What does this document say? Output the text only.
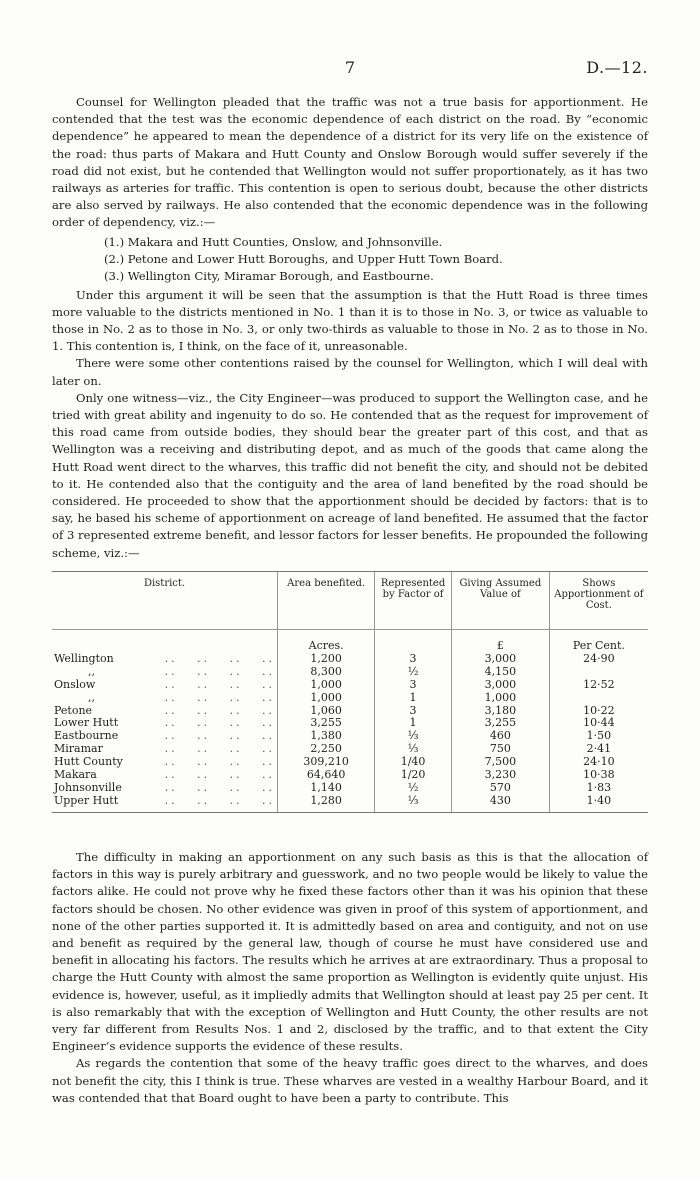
7	D.—12.

Counsel for Wellington pleaded that the traffic was not a true basis for apportionment. He contended that the test was the economic dependence of each district on the road. By “economic dependence” he appeared to mean the dependence of a district for its very life on the existence of the road: thus parts of Makara and Hutt County and Onslow Borough would suffer severely if the road did not exist, but he contended that Wellington would not suffer proportionately, as it has two railways as arteries for traffic. This contention is open to serious doubt, because the other districts are also served by railways. He also contended that the economic dependence was in the following order of dependency, viz.:—

(1.) Makara and Hutt Counties, Onslow, and Johnsonville.
(2.) Petone and Lower Hutt Boroughs, and Upper Hutt Town Board.
(3.) Wellington City, Miramar Borough, and Eastbourne.

Under this argument it will be seen that the assumption is that the Hutt Road is three times more valuable to the districts mentioned in No. 1 than it is to those in No. 3, or twice as valuable to those in No. 2 as to those in No. 3, or only two-thirds as valuable to those in No. 2 as to those in No. 1. This contention is, I think, on the face of it, unreasonable.

There were some other contentions raised by the counsel for Wellington, which I will deal with later on.

Only one witness—viz., the City Engineer—was produced to support the Wellington case, and he tried with great ability and ingenuity to do so. He contended that as the request for improvement of this road came from outside bodies, they should bear the greater part of this cost, and that as Wellington was a receiving and distributing depot, and as much of the goods that came along the Hutt Road went direct to the wharves, this traffic did not benefit the city, and should not be debited to it. He contended also that the contiguity and the area of land benefited by the road should be considered. He proceeded to show that the apportionment should be decided by factors: that is to say, he based his scheme of apportionment on acreage of land benefited. He assumed that the factor of 3 represented extreme benefit, and lessor factors for lesser benefits. He propounded the following scheme, viz.:—

District.	Area benefited.	Represented by Factor of	Giving Assumed Value of	Shows Apportionment of Cost.
	Acres.		£	Per Cent.
Wellington ..   ..   ..   ..	1,200	3	3,000	24·90
,, ..   ..   ..   ..	8,300	½	4,150	
Onslow ..   ..   ..   ..	1,000	3	3,000	12·52
,, ..   ..   ..   ..	1,000	1	1,000	
Petone ..   ..   ..   ..	1,060	3	3,180	10·22
Lower Hutt ..   ..   ..   ..	3,255	1	3,255	10·44
Eastbourne ..   ..   ..   ..	1,380	⅓	460	1·50
Miramar ..   ..   ..   ..	2,250	⅓	750	2·41
Hutt County ..   ..   ..   ..	309,210	1/40	7,500	24·10
Makara ..   ..   ..   ..	64,640	1/20	3,230	10·38
Johnsonville ..   ..   ..   ..	1,140	½	570	1·83
Upper Hutt ..   ..   ..   ..	1,280	⅓	430	1·40

The difficulty in making an apportionment on any such basis as this is that the allocation of factors in this way is purely arbitrary and guesswork, and no two people would be likely to value the factors alike. He could not prove why he fixed these factors other than it was his opinion that these factors should be chosen. No other evidence was given in proof of this system of apportionment, and none of the other parties supported it. It is admittedly based on area and contiguity, and not on use and benefit as required by the general law, though of course he must have considered use and benefit in allocating his factors. The results which he arrives at are extraordinary. Thus a proposal to charge the Hutt County with almost the same proportion as Wellington is evidently quite unjust. His evidence is, however, useful, as it impliedly admits that Wellington should at least pay 25 per cent. It is also remarkably that with the exception of Wellington and Hutt County, the other results are not very far different from Results Nos. 1 and 2, disclosed by the traffic, and to that extent the City Engineer’s evidence supports the evidence of these results.

As regards the contention that some of the heavy traffic goes direct to the wharves, and does not benefit the city, this I think is true. These wharves are vested in a wealthy Harbour Board, and it was contended that that Board ought to have been a party to contribute. This
